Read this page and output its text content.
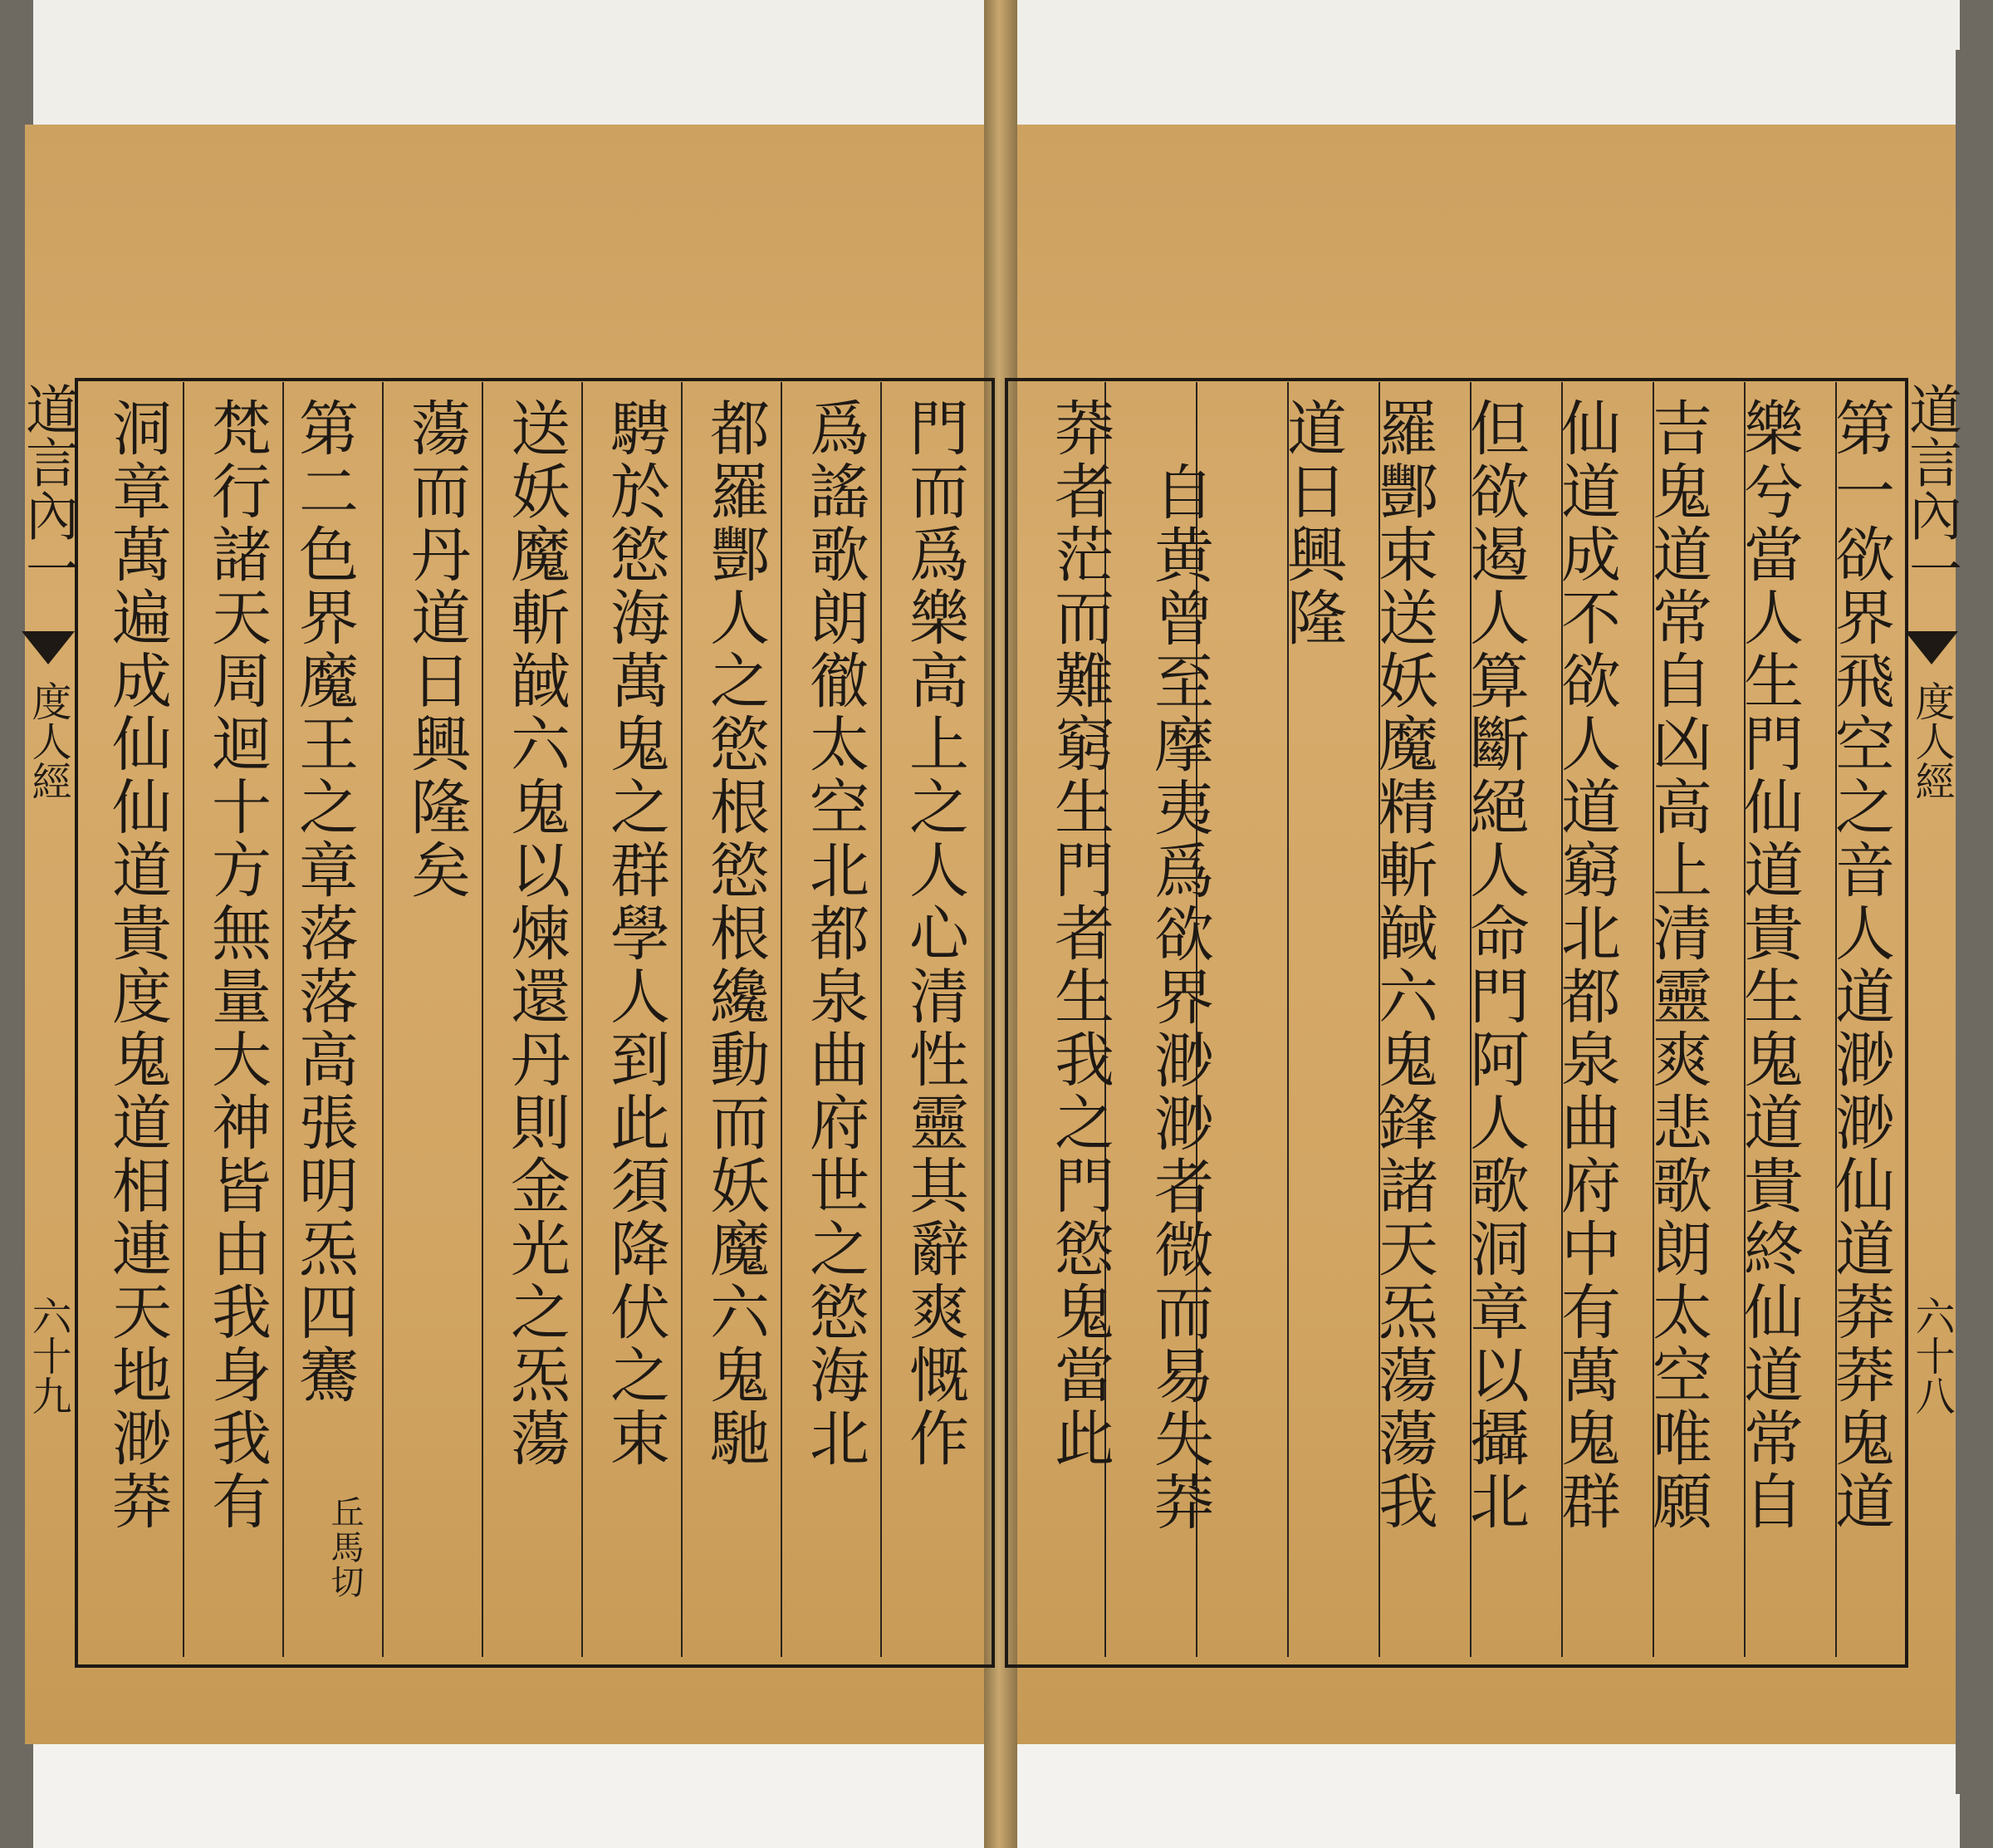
第一欲界飛空之音人道渺渺仙道莽莽鬼道
樂兮當人生門仙道貴生鬼道貴終仙道常自
吉鬼道常自凶高上清靈爽悲歌朗太空唯願
仙道成不欲人道窮北都泉曲府中有萬鬼群
但欲遏人算斷絕人命門阿人歌洞章以攝北
羅酆束送妖魔精斬馘六鬼鋒諸天炁蕩蕩我
道日興隆
自黄曾至摩夷爲欲界渺渺者微而易失莽
莽者茫而難窮生門者生我之門慾鬼當此
門而爲樂高上之人心清性靈其辭爽慨作
爲謠歌朗徹太空北都泉曲府世之慾海北
都羅酆人之慾根慾根纔動而妖魔六鬼馳
騁於慾海萬鬼之群學人到此須降伏之束
送妖魔斬馘六鬼以煉還丹則金光之炁蕩
蕩而丹道日興隆矣
第二色界魔王之章落落高張明炁四騫
丘馬切
梵行諸天周迴十方無量大神皆由我身我有
洞章萬遍成仙仙道貴度鬼道相連天地渺莽	道言內一
度人經
六十八
道言內一
度人經
六十九
